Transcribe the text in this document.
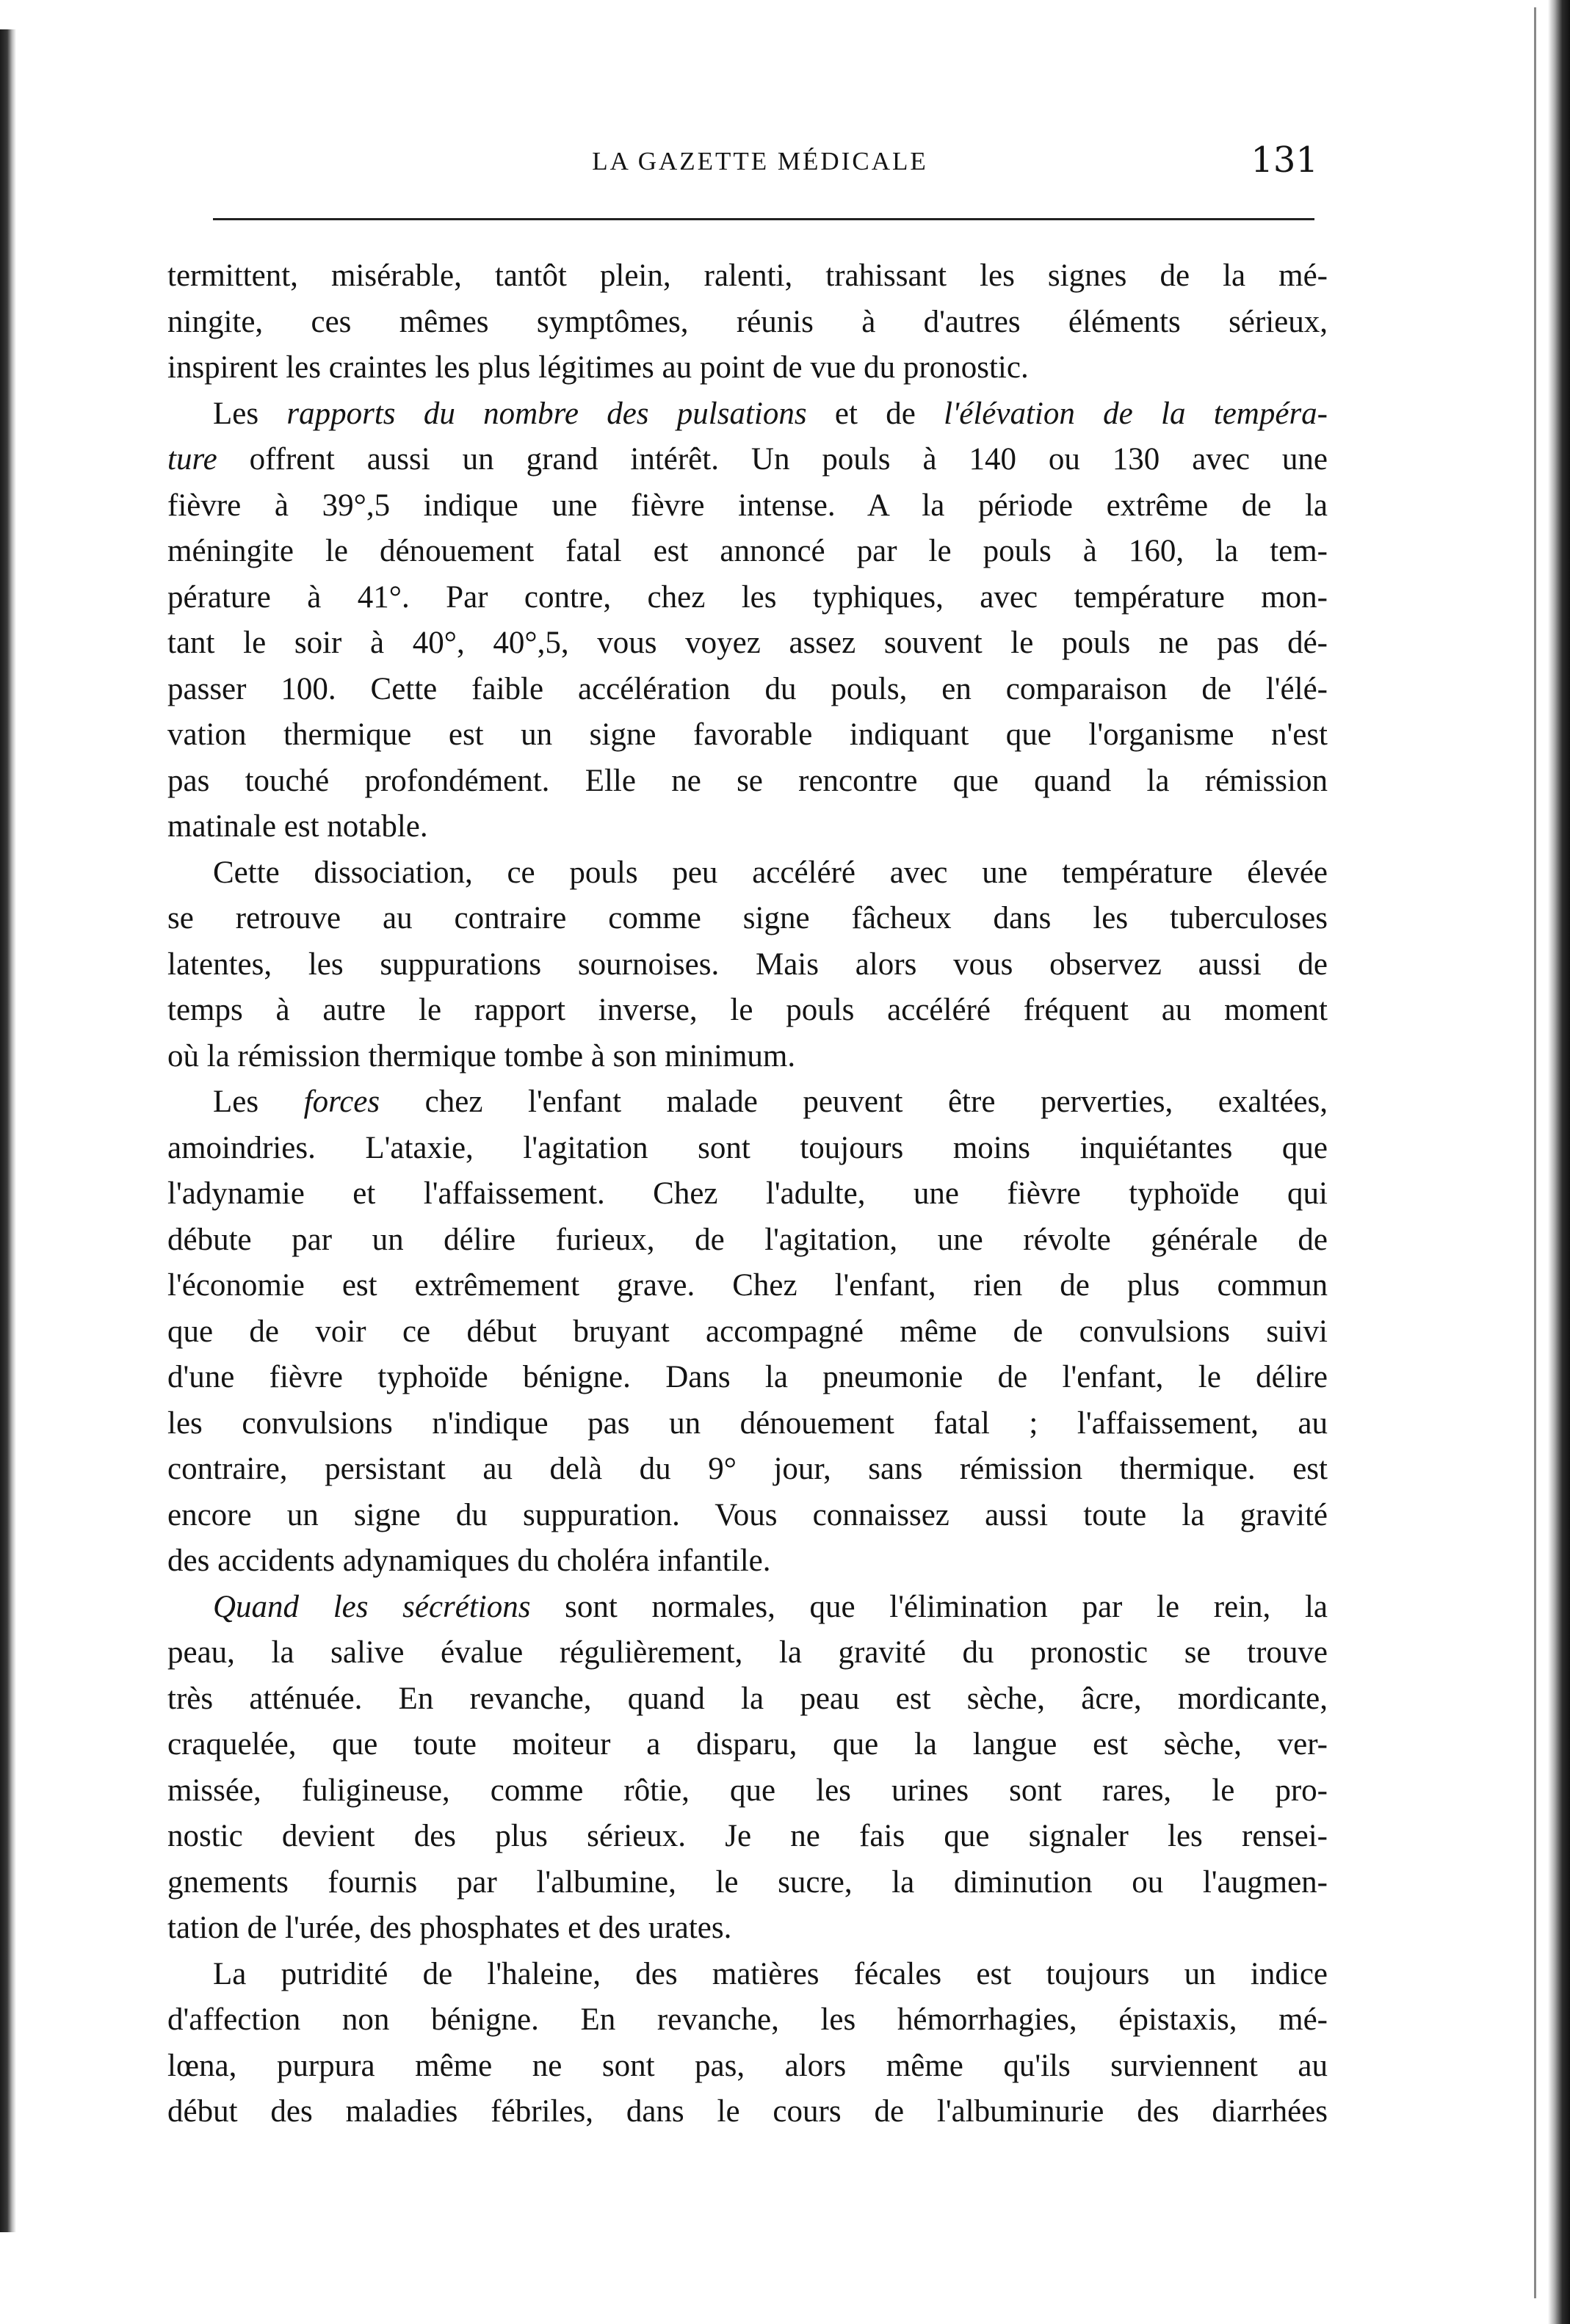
LA GAZETTE MÉDICALE	131
termittent, misérable, tantôt plein, ralenti, trahissant les signes de la mé-
ningite, ces mêmes symptômes, réunis à d'autres éléments sérieux,
inspirent les craintes les plus légitimes au point de vue du pronostic.
Les rapports du nombre des pulsations et de l'élévation de la tempéra-
ture offrent aussi un grand intérêt. Un pouls à 140 ou 130 avec une
fièvre à 39°,5 indique une fièvre intense. A la période extrême de la
méningite le dénouement fatal est annoncé par le pouls à 160, la tem-
pérature à 41°. Par contre, chez les typhiques, avec température mon-
tant le soir à 40°, 40°,5, vous voyez assez souvent le pouls ne pas dé-
passer 100. Cette faible accélération du pouls, en comparaison de l'élé-
vation thermique est un signe favorable indiquant que l'organisme n'est
pas touché profondément. Elle ne se rencontre que quand la rémission
matinale est notable.
Cette dissociation, ce pouls peu accéléré avec une température élevée
se retrouve au contraire comme signe fâcheux dans les tuberculoses
latentes, les suppurations sournoises. Mais alors vous observez aussi de
temps à autre le rapport inverse, le pouls accéléré fréquent au moment
où la rémission thermique tombe à son minimum.
Les forces chez l'enfant malade peuvent être perverties, exaltées,
amoindries. L'ataxie, l'agitation sont toujours moins inquiétantes que
l'adynamie et l'affaissement. Chez l'adulte, une fièvre typhoïde qui
débute par un délire furieux, de l'agitation, une révolte générale de
l'économie est extrêmement grave. Chez l'enfant, rien de plus commun
que de voir ce début bruyant accompagné même de convulsions suivi
d'une fièvre typhoïde bénigne. Dans la pneumonie de l'enfant, le délire
les convulsions n'indique pas un dénouement fatal ; l'affaissement, au
contraire, persistant au delà du 9° jour, sans rémission thermique. est
encore un signe du suppuration. Vous connaissez aussi toute la gravité
des accidents adynamiques du choléra infantile.
Quand les sécrétions sont normales, que l'élimination par le rein, la
peau, la salive évalue régulièrement, la gravité du pronostic se trouve
très atténuée. En revanche, quand la peau est sèche, âcre, mordicante,
craquelée, que toute moiteur a disparu, que la langue est sèche, ver-
missée, fuligineuse, comme rôtie, que les urines sont rares, le pro-
nostic devient des plus sérieux. Je ne fais que signaler les rensei-
gnements fournis par l'albumine, le sucre, la diminution ou l'augmen-
tation de l'urée, des phosphates et des urates.
La putridité de l'haleine, des matières fécales est toujours un indice
d'affection non bénigne. En revanche, les hémorrhagies, épistaxis, mé-
lœna, purpura même ne sont pas, alors même qu'ils surviennent au
début des maladies fébriles, dans le cours de l'albuminurie des diarrhées
